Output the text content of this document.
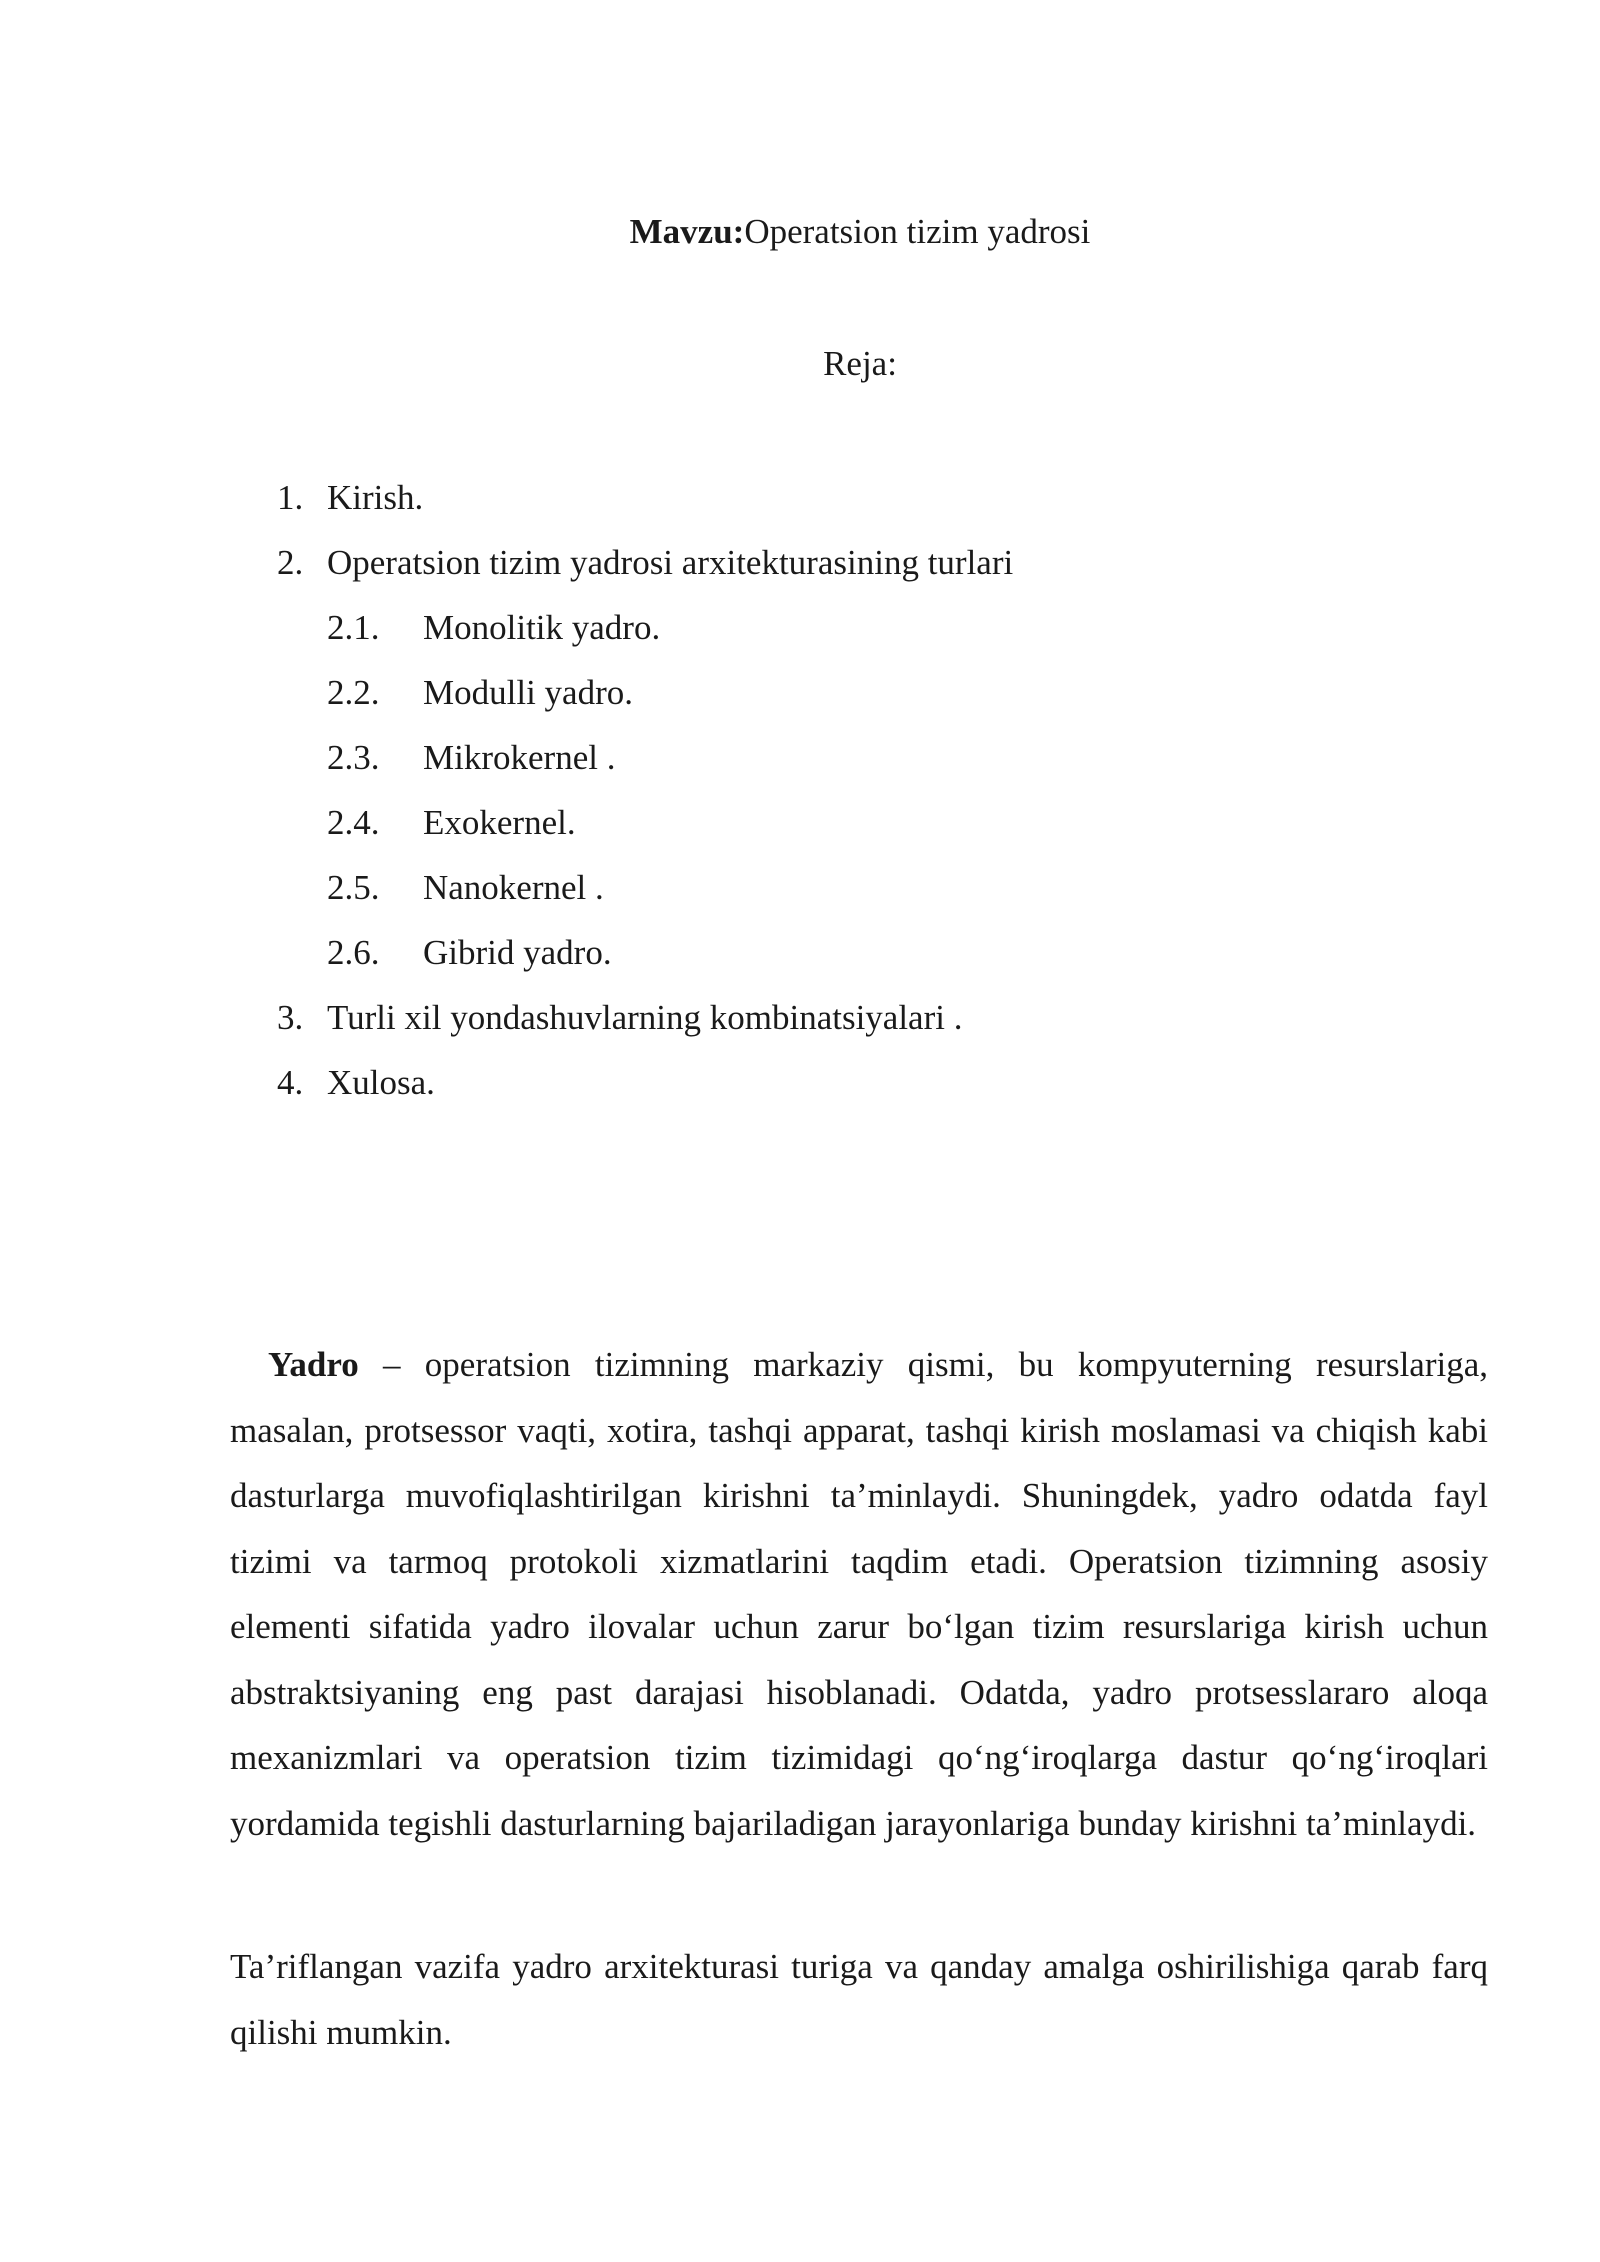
Mavzu:Operatsion tizim yadrosi
Reja:
1. Kirish.
2. Operatsion tizim yadrosi arxitekturasining turlari
2.1. Monolitik yadro.
2.2. Modulli yadro.
2.3. Mikrokernel .
2.4. Exokernel.
2.5. Nanokernel .
2.6. Gibrid yadro.
3. Turli xil yondashuvlarning kombinatsiyalari .
4. Xulosa.

Yadro – operatsion tizimning markaziy qismi, bu kompyuterning resurslariga, masalan, protsessor vaqti, xotira, tashqi apparat, tashqi kirish moslamasi va chiqish kabi dasturlarga muvofiqlashtirilgan kirishni ta’minlaydi. Shuningdek, yadro odatda fayl tizimi va tarmoq protokoli xizmatlarini taqdim etadi. Operatsion tizimning asosiy elementi sifatida yadro ilovalar uchun zarur bo‘lgan tizim resurslariga kirish uchun abstraktsiyaning eng past darajasi hisoblanadi. Odatda, yadro protsesslararo aloqa mexanizmlari va operatsion tizim tizimidagi qo‘ng‘iroqlarga dastur qo‘ng‘iroqlari yordamida tegishli dasturlarning bajariladigan jarayonlariga bunday kirishni ta’minlaydi.

Ta’riflangan vazifa yadro arxitekturasi turiga va qanday amalga oshirilishiga qarab farq qilishi mumkin.
